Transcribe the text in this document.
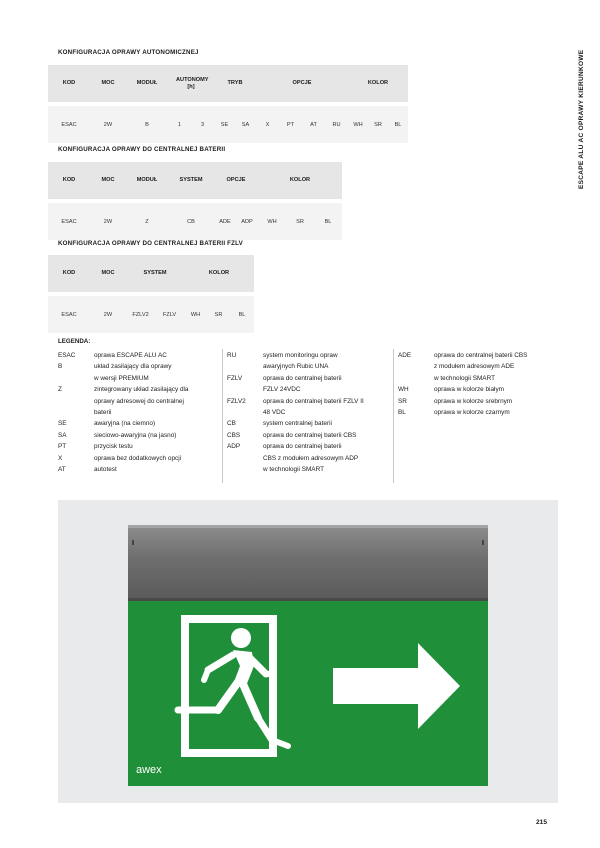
ESCAPE ALU AC OPRAWY KIERUNKOWE
KONFIGURACJA OPRAWY AUTONOMICZNEJ
KOD	MOC	MODUŁ	AUTONOMY [h]		TRYB		OPCJE				KOLOR		

ESAC	2W	B	1	3	SE	SA	X	PT	AT	RU	WH	SR	BL
KONFIGURACJA OPRAWY DO CENTRALNEJ BATERII
KOD	MOC	MODUŁ	SYSTEM	OPCJE		KOLOR		

ESAC	2W	Z	CB	ADE	ADP	WH	SR	BL
KONFIGURACJA OPRAWY DO CENTRALNEJ BATERII FZLV
KOD	MOC	SYSTEM		KOLOR		

ESAC	2W	FZLV2	FZLV	WH	SR	BL
LEGENDA:
ESAC	oprawa ESCAPE ALU AC
B	układ zasilający dla oprawy
w wersji PREMIUM
Z	zintegrowany układ zasilający dla
oprawy adresowej do centralnej
baterii
SE	awaryjna (na ciemno)
SA	sieciowo-awaryjna (na jasno)
PT	przycisk testu
X	oprawa bez dodatkowych opcji
AT	autotest
RU	system monitoringu opraw
awaryjnych Rubic UNA
FZLV	oprawa do centralnej baterii
FZLV 24VDC
FZLV2	oprawa do centralnej baterii FZLV II
48 VDC
CB	system centralnej baterii
CBS	oprawa do centralnej baterii CBS
ADP	oprawa do centralnej baterii
CBS z modułem adresowym ADP
w technologii SMART
ADE	oprawa do centralnej baterii CBS
z modułem adresowym ADE
w technologii SMART
WH	oprawa w kolorze białym
SR	oprawa w kolorze srebrnym
BL	oprawa w kolorze czarnym
awex
215
